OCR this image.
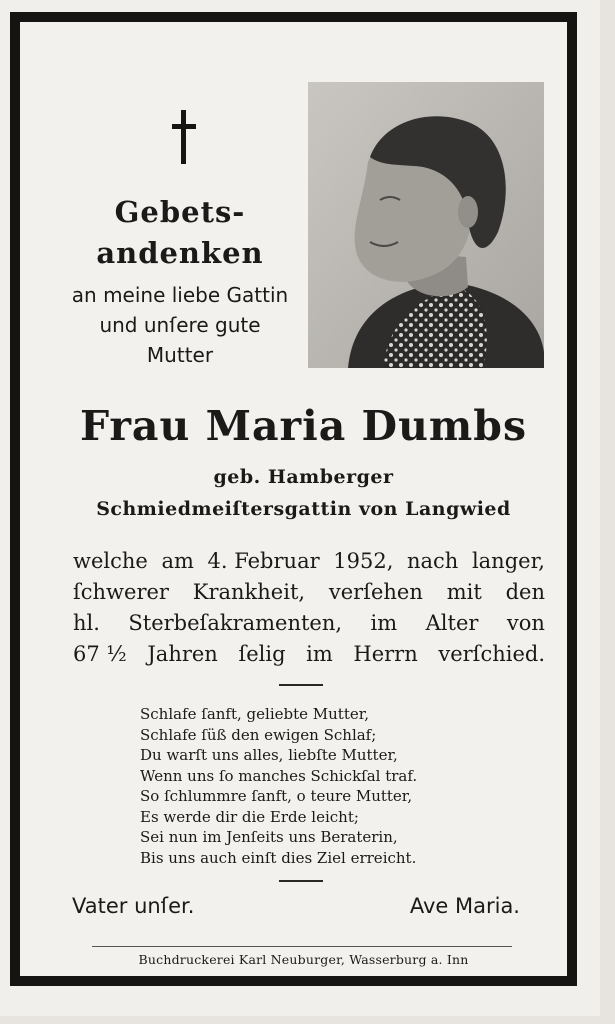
Gebets-
andenken
an meine liebe Gattin
und unſere gute
Mutter
Frau Maria Dumbs
geb. Hamberger
Schmiedmeiſtersgattin von Langwied
welche am 4. Februar 1952, nach langer,
ſchwerer Krankheit, verſehen mit den
hl. Sterbeſakramenten, im Alter von
67 ½ Jahren ſelig im Herrn verſchied.
Schlafe ſanft, geliebte Mutter,
Schlafe ſüß den ewigen Schlaf;
Du warſt uns alles, liebſte Mutter,
Wenn uns ſo manches Schickſal traf.
So ſchlummre ſanft, o teure Mutter,
Es werde dir die Erde leicht;
Sei nun im Jenſeits uns Beraterin,
Bis uns auch einſt dies Ziel erreicht.
Vater unſer.	Ave Maria.
Buchdruckerei Karl Neuburger, Wasserburg a. Inn
